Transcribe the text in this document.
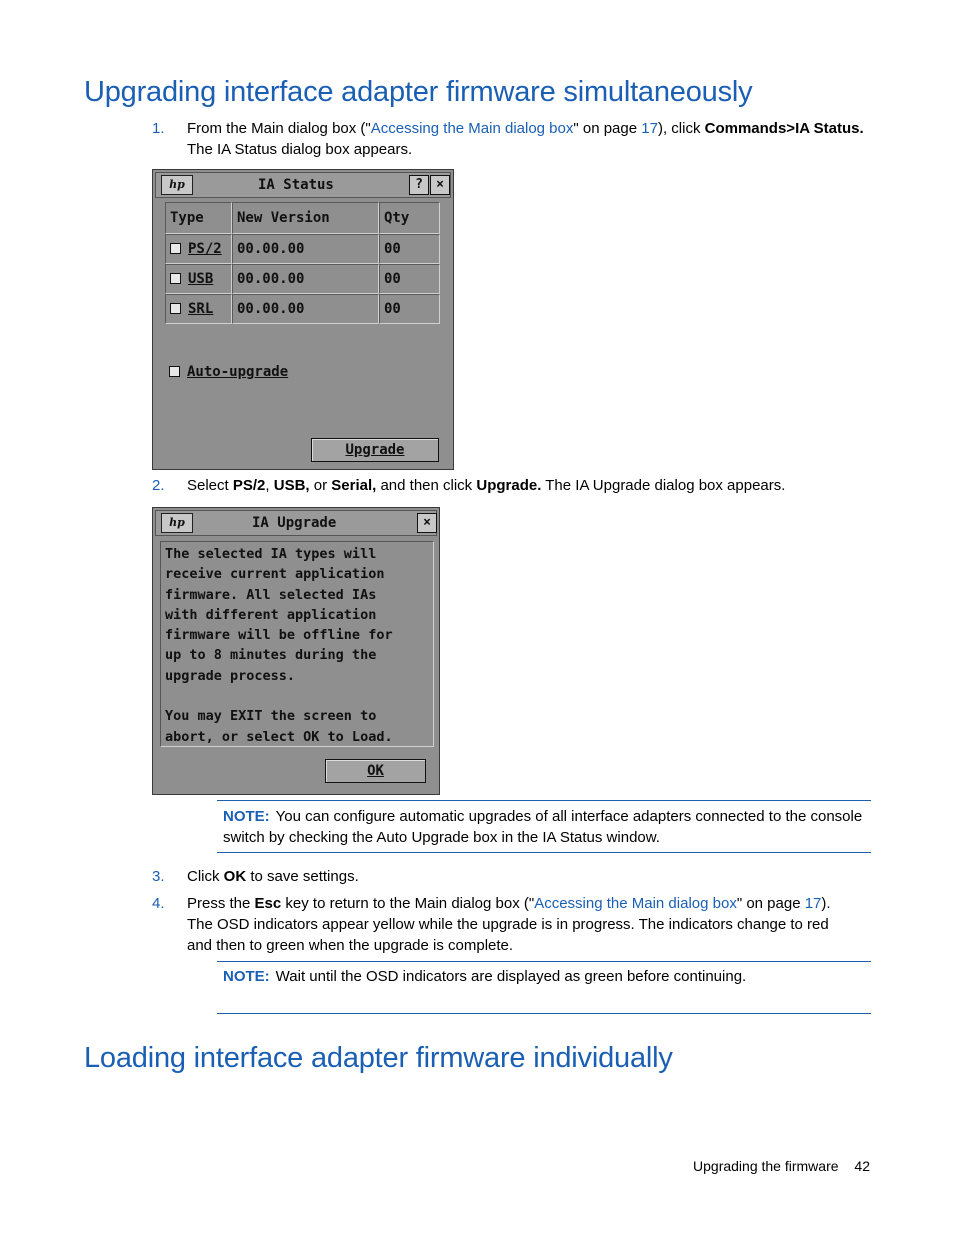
Upgrading interface adapter firmware simultaneously
1. From the Main dialog box ("Accessing the Main dialog box" on page 17), click Commands>IA Status. The IA Status dialog box appears.
hp	IA Status	?	×
Type	New Version	Qty
PS/2	00.00.00	00
USB	00.00.00	00
SRL	00.00.00	00
Auto-upgrade
Upgrade
2. Select PS/2, USB, or Serial, and then click Upgrade. The IA Upgrade dialog box appears.
hp	IA Upgrade	×
The selected IA types will
receive current application
firmware. All selected IAs
with different application
firmware will be offline for
up to 8 minutes during the
upgrade process.
You may EXIT the screen to
abort, or select OK to Load.
OK
NOTE: You can configure automatic upgrades of all interface adapters connected to the console switch by checking the Auto Upgrade box in the IA Status window.
3. Click OK to save settings.
4. Press the Esc key to return to the Main dialog box ("Accessing the Main dialog box" on page 17). The OSD indicators appear yellow while the upgrade is in progress. The indicators change to red and then to green when the upgrade is complete.
NOTE: Wait until the OSD indicators are displayed as green before continuing.
Loading interface adapter firmware individually
Upgrading the firmware 42
